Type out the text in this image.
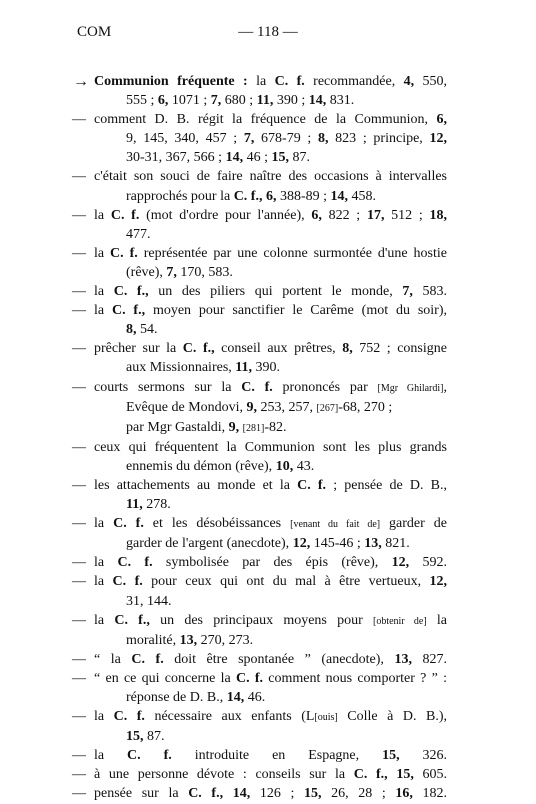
COM	— 118 —
→ Communion fréquente : la C. f. recommandée, 4, 550,
555 ; 6, 1071 ; 7, 680 ; 11, 390 ; 14, 831.
— comment D. B. régit la fréquence de la Communion, 6,
9, 145, 340, 457 ; 7, 678-79 ; 8, 823 ; principe, 12,
30-31, 367, 566 ; 14, 46 ; 15, 87.
— c'était son souci de faire naître des occasions à intervalles
rapprochés pour la C. f., 6, 388-89 ; 14, 458.
— la C. f. (mot d'ordre pour l'année), 6, 822 ; 17, 512 ; 18,
477.
— la C. f. représentée par une colonne surmontée d'une hostie
(rêve), 7, 170, 583.
— la C. f., un des piliers qui portent le monde, 7, 583.
— la C. f., moyen pour sanctifier le Carême (mot du soir),
8, 54.
— prêcher sur la C. f., conseil aux prêtres, 8, 752 ; consigne
aux Missionnaires, 11, 390.
— courts sermons sur la C. f. prononcés par [Mgr Ghilardi],
Evêque de Mondovi, 9, 253, 257, [267]-68, 270 ;
par Mgr Gastaldi, 9, [281]-82.
— ceux qui fréquentent la Communion sont les plus grands
ennemis du démon (rêve), 10, 43.
— les attachements au monde et la C. f. ; pensée de D. B.,
11, 278.
— la C. f. et les désobéissances [venant du fait de] garder de
garder de l'argent (anecdote), 12, 145-46 ; 13, 821.
— la C. f. symbolisée par des épis (rêve), 12, 592.
— la C. f. pour ceux qui ont du mal à être vertueux, 12,
31, 144.
— la C. f., un des principaux moyens pour [obtenir de] la
moralité, 13, 270, 273.
— “ la C. f. doit être spontanée ” (anecdote), 13, 827.
— “ en ce qui concerne la C. f. comment nous comporter ? ” :
réponse de D. B., 14, 46.
— la C. f. nécessaire aux enfants (L[ouis] Colle à D. B.),
15, 87.
— la C. f. introduite en Espagne, 15, 326.
— à une personne dévote : conseils sur la C. f., 15, 605.
— pensée sur la C. f., 14, 126 ; 15, 26, 28 ; 16, 182.
